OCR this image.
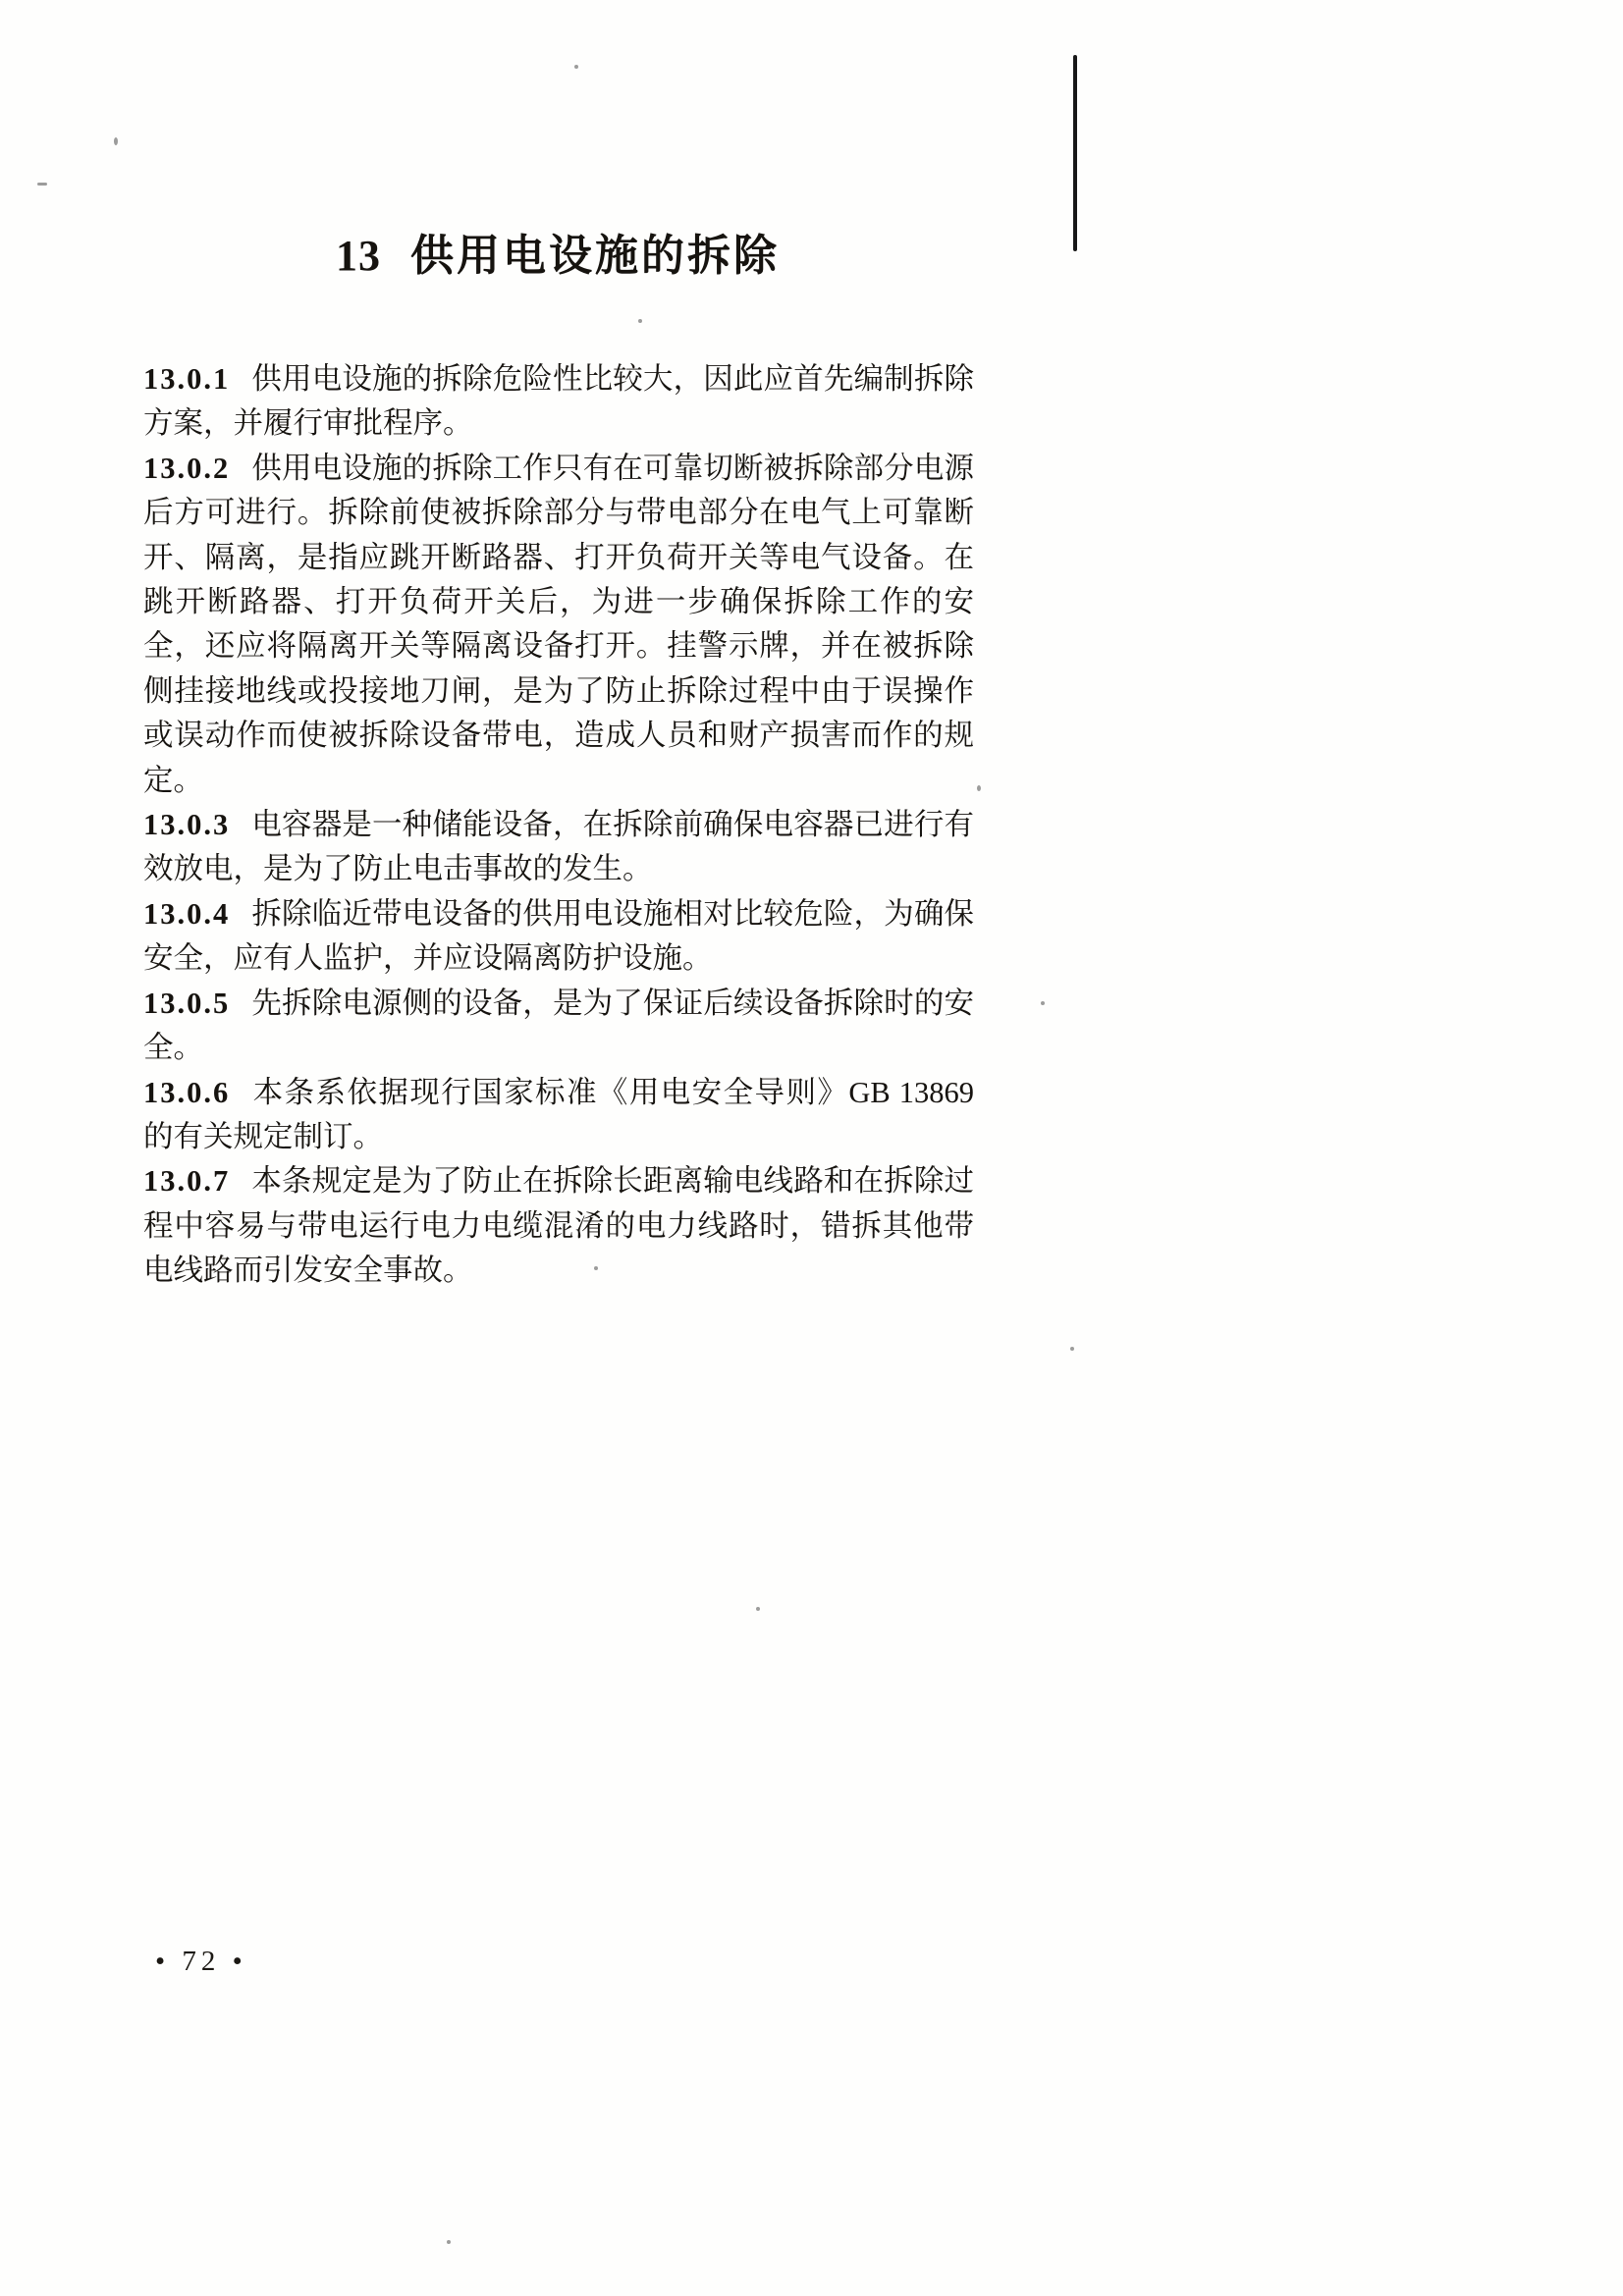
13 供用电设施的拆除

13.0.1 供用电设施的拆除危险性比较大，因此应首先编制拆除方案，并履行审批程序。

13.0.2 供用电设施的拆除工作只有在可靠切断被拆除部分电源后方可进行。拆除前使被拆除部分与带电部分在电气上可靠断开、隔离，是指应跳开断路器、打开负荷开关等电气设备。在跳开断路器、打开负荷开关后，为进一步确保拆除工作的安全，还应将隔离开关等隔离设备打开。挂警示牌，并在被拆除侧挂接地线或投接地刀闸，是为了防止拆除过程中由于误操作或误动作而使被拆除设备带电，造成人员和财产损害而作的规定。

13.0.3 电容器是一种储能设备，在拆除前确保电容器已进行有效放电，是为了防止电击事故的发生。

13.0.4 拆除临近带电设备的供用电设施相对比较危险，为确保安全，应有人监护，并应设隔离防护设施。

13.0.5 先拆除电源侧的设备，是为了保证后续设备拆除时的安全。

13.0.6 本条系依据现行国家标准《用电安全导则》GB 13869 的有关规定制订。

13.0.7 本条规定是为了防止在拆除长距离输电线路和在拆除过程中容易与带电运行电力电缆混淆的电力线路时，错拆其他带电线路而引发安全事故。

• 72 •
